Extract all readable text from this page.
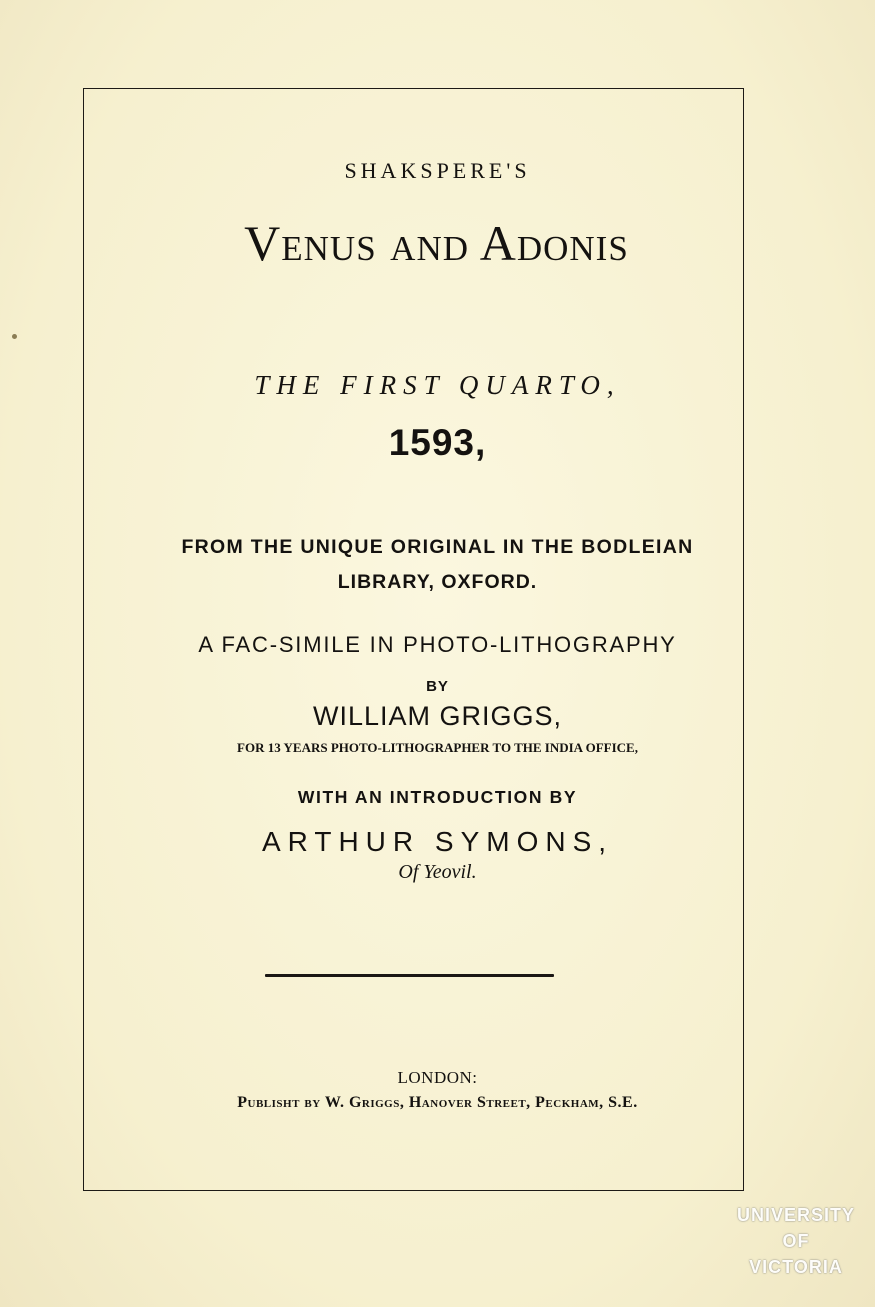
SHAKSPERE'S

Venus and Adonis

THE FIRST QUARTO,

1593,

FROM THE UNIQUE ORIGINAL IN THE BODLEIAN

LIBRARY, OXFORD.

A FAC-SIMILE IN PHOTO-LITHOGRAPHY

BY

WILLIAM GRIGGS,

FOR 13 YEARS PHOTO-LITHOGRAPHER TO THE INDIA OFFICE,

WITH AN INTRODUCTION BY

ARTHUR SYMONS,

Of Yeovil.

LONDON:

Publisht by W. Griggs, Hanover Street, Peckham, S.E.

UNIVERSITY
OF
VICTORIA
